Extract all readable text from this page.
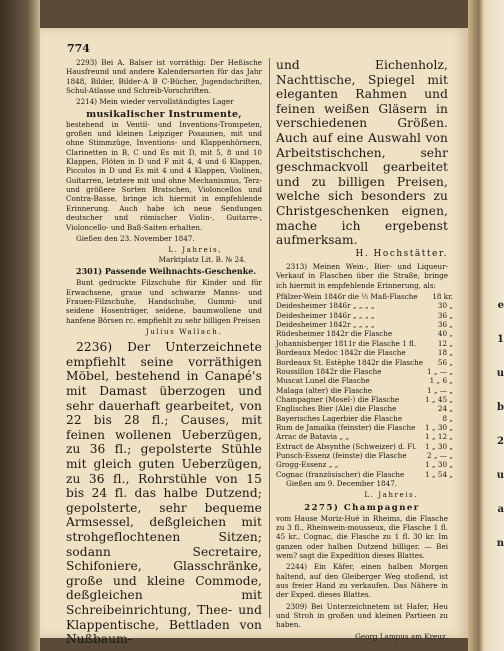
774

2293) Bei A. Balser ist vorräthig: Der Heßische Hausfreund und andere Kalendersorten für das Jahr 1848, Bilder, Bilder-A B C-Bücher, Jugendschriften, Schul-Atlasse und Schreib-Vorschriften.

2214) Mein wieder vervollständigtes Lager

musikalischer Instrumente,

bestehend in Ventil- und Inventions-Trompeten, großen und kleinen Leipziger Posaunen, mit und ohne Stimmzüge, Inventions- und Klappenhörnern, Clarinetten in B, C und Es mit D, mit 5, 8 und 10 Klappen, Flöten in D und F mit 4, 4 und 6 Klappen, Piccolos in D und Es mit 4 und 4 Klappen, Violinen, Guitarren, letztere mit und ohne Mechanismus, Terz- und größere Sorten Bratschen, Violoncellos und Contra-Basse, bringe ich hiermit in empfehlende Erinnerung. Auch habe ich neue Sendungen deutscher und römischer Violin-, Guitarre-, Violoncello- und Baß-Saiten erhalten.

Gießen den 23. November 1847.

L. Jahreis,
Marktplatz Lit. B. № 24.

2301) Passende Weihnachts-Geschenke.

Bunt gedruckte Filzschuhe für Kinder und für Erwachsene, graue und schwarze Manns- und Frauen-Filzschuhe, Handschuhe, Gummi- und seidene Hosenträger, seidene, baumwollene und hanfene Börsen rc. empfiehlt zu sehr billigen Preisen

Julius Wallach.

2236) Der Unterzeichnete empfiehlt seine vorräthigen Möbel, bestehend in Canapé's mit Damast überzogen und sehr dauerhaft gearbeitet, von 22 bis 28 fl.; Causes, mit feinen wollenen Ueberzügen, zu 36 fl.; gepolsterte Stühle mit gleich guten Ueberzügen, zu 36 fl., Rohrstühle von 15 bis 24 fl. das halbe Dutzend; gepolsterte, sehr bequeme Armsessel, deßgleichen mit strohgeflochtenen Sitzen; sodann Secretaire, Schifoniere, Glasschränke, große und kleine Commode, deßgleichen mit Schreibeinrichtung, Thee- und Klappentische, Bettladen von Nußbaum-

und Eichenholz, Nachttische, Spiegel mit eleganten Rahmen und feinen weißen Gläsern in verschiedenen Größen. Auch auf eine Auswahl von Arbeitstischchen, sehr geschmackvoll gearbeitet und zu billigen Preisen, welche sich besonders zu Christgeschenken eignen, mache ich ergebenst aufmerksam.

H. Hochstätter.

2313) Meinen Wein-, Bier- und Liqueur-Verkauf in Flaschen über die Straße, bringe ich hiermit in empfehlende Erinnerung, als:

Pfälzer-Wein 1846r die ½ Maß-Flasche	18 kr.
Deidesheimer 1846r „ „ „ „	30 „
Deidesheimer 1846r „ „ „ „	36 „
Deidesheimer 1842r „ „ „ „	36 „
Rüdesheimer 1842r die Flasche	40 „
Johannisberger 1811r die Flasche 1 fl.	12 „
Bordeaux Medoc 1842r die Flasche	18 „
Bordeaux St. Estèphe 1842r die Flasche	56 „
Roussillon 1842r die Flasche	1 „ — „
Muscat Lunel die Flasche	1 „ 6 „
Malaga (alter) die Flasche	1 „ — „
Champagner (Mosel-) die Flasche	1 „ 45 „
Englisches Bier (Ale) die Flasche	24 „
Bayerisches Lagerbier die Flasche	8 „
Rum de Jamaika (feinster) die Flasche	1 „ 30 „
Arrac de Batavia „ „	1 „ 12 „
Extract de Absynthe (Schweizer) d. Fl.	1 „ 30 „
Punsch-Essenz (feinste) die Flasche	2 „ — „
Grogg-Essenz „ „	1 „ 30 „
Cognac (französischer) die Flasche	1 „ 54 „

Gießen am 9. December 1847.

L. Jahreis.
2275) Champagner

vom Hause Moriz-Hué in Rheims, die Flasche zu 3 fl., Rheinwein-mousseux, die Flasche 1 fl. 45 kr., Cognac, die Flasche zu 1 fl. 30 kr. Im ganzen oder halben Dutzend billiger. — Bei wem? sagt die Expedition dieses Blattes.

2244) Ein Käfer, einen halben Morgen haltend, auf den Gleiberger Weg stoßend, ist aus freier Hand zu verkaufen. Das Nähere in der Exped. dieses Blattes.

2309) Bei Unterzeichnetem ist Hafer, Heu und Stroh in großen und kleinen Partieen zu haben.

Georg Lampus am Kreuz.
e
1
u
b
2
u
a
n
